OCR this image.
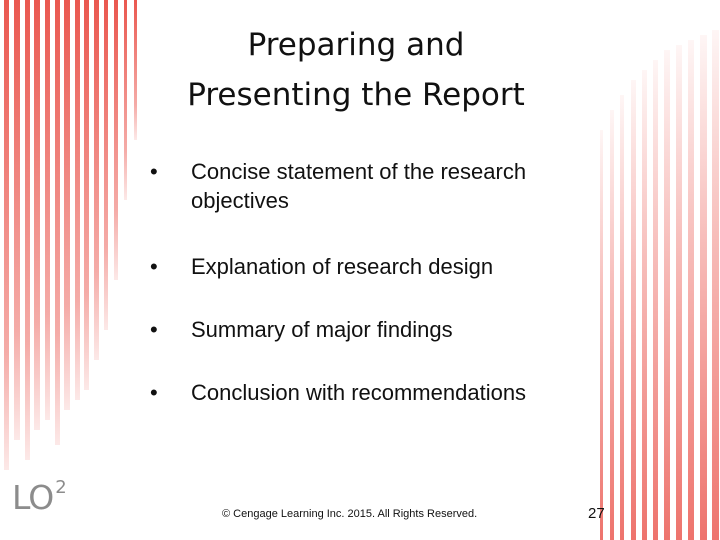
Preparing and
Presenting the Report
• Concise statement of the research objectives
• Explanation of research design
• Summary of major findings
• Conclusion with recommendations
LO 2
© Cengage Learning Inc. 2015. All Rights Reserved.	27
